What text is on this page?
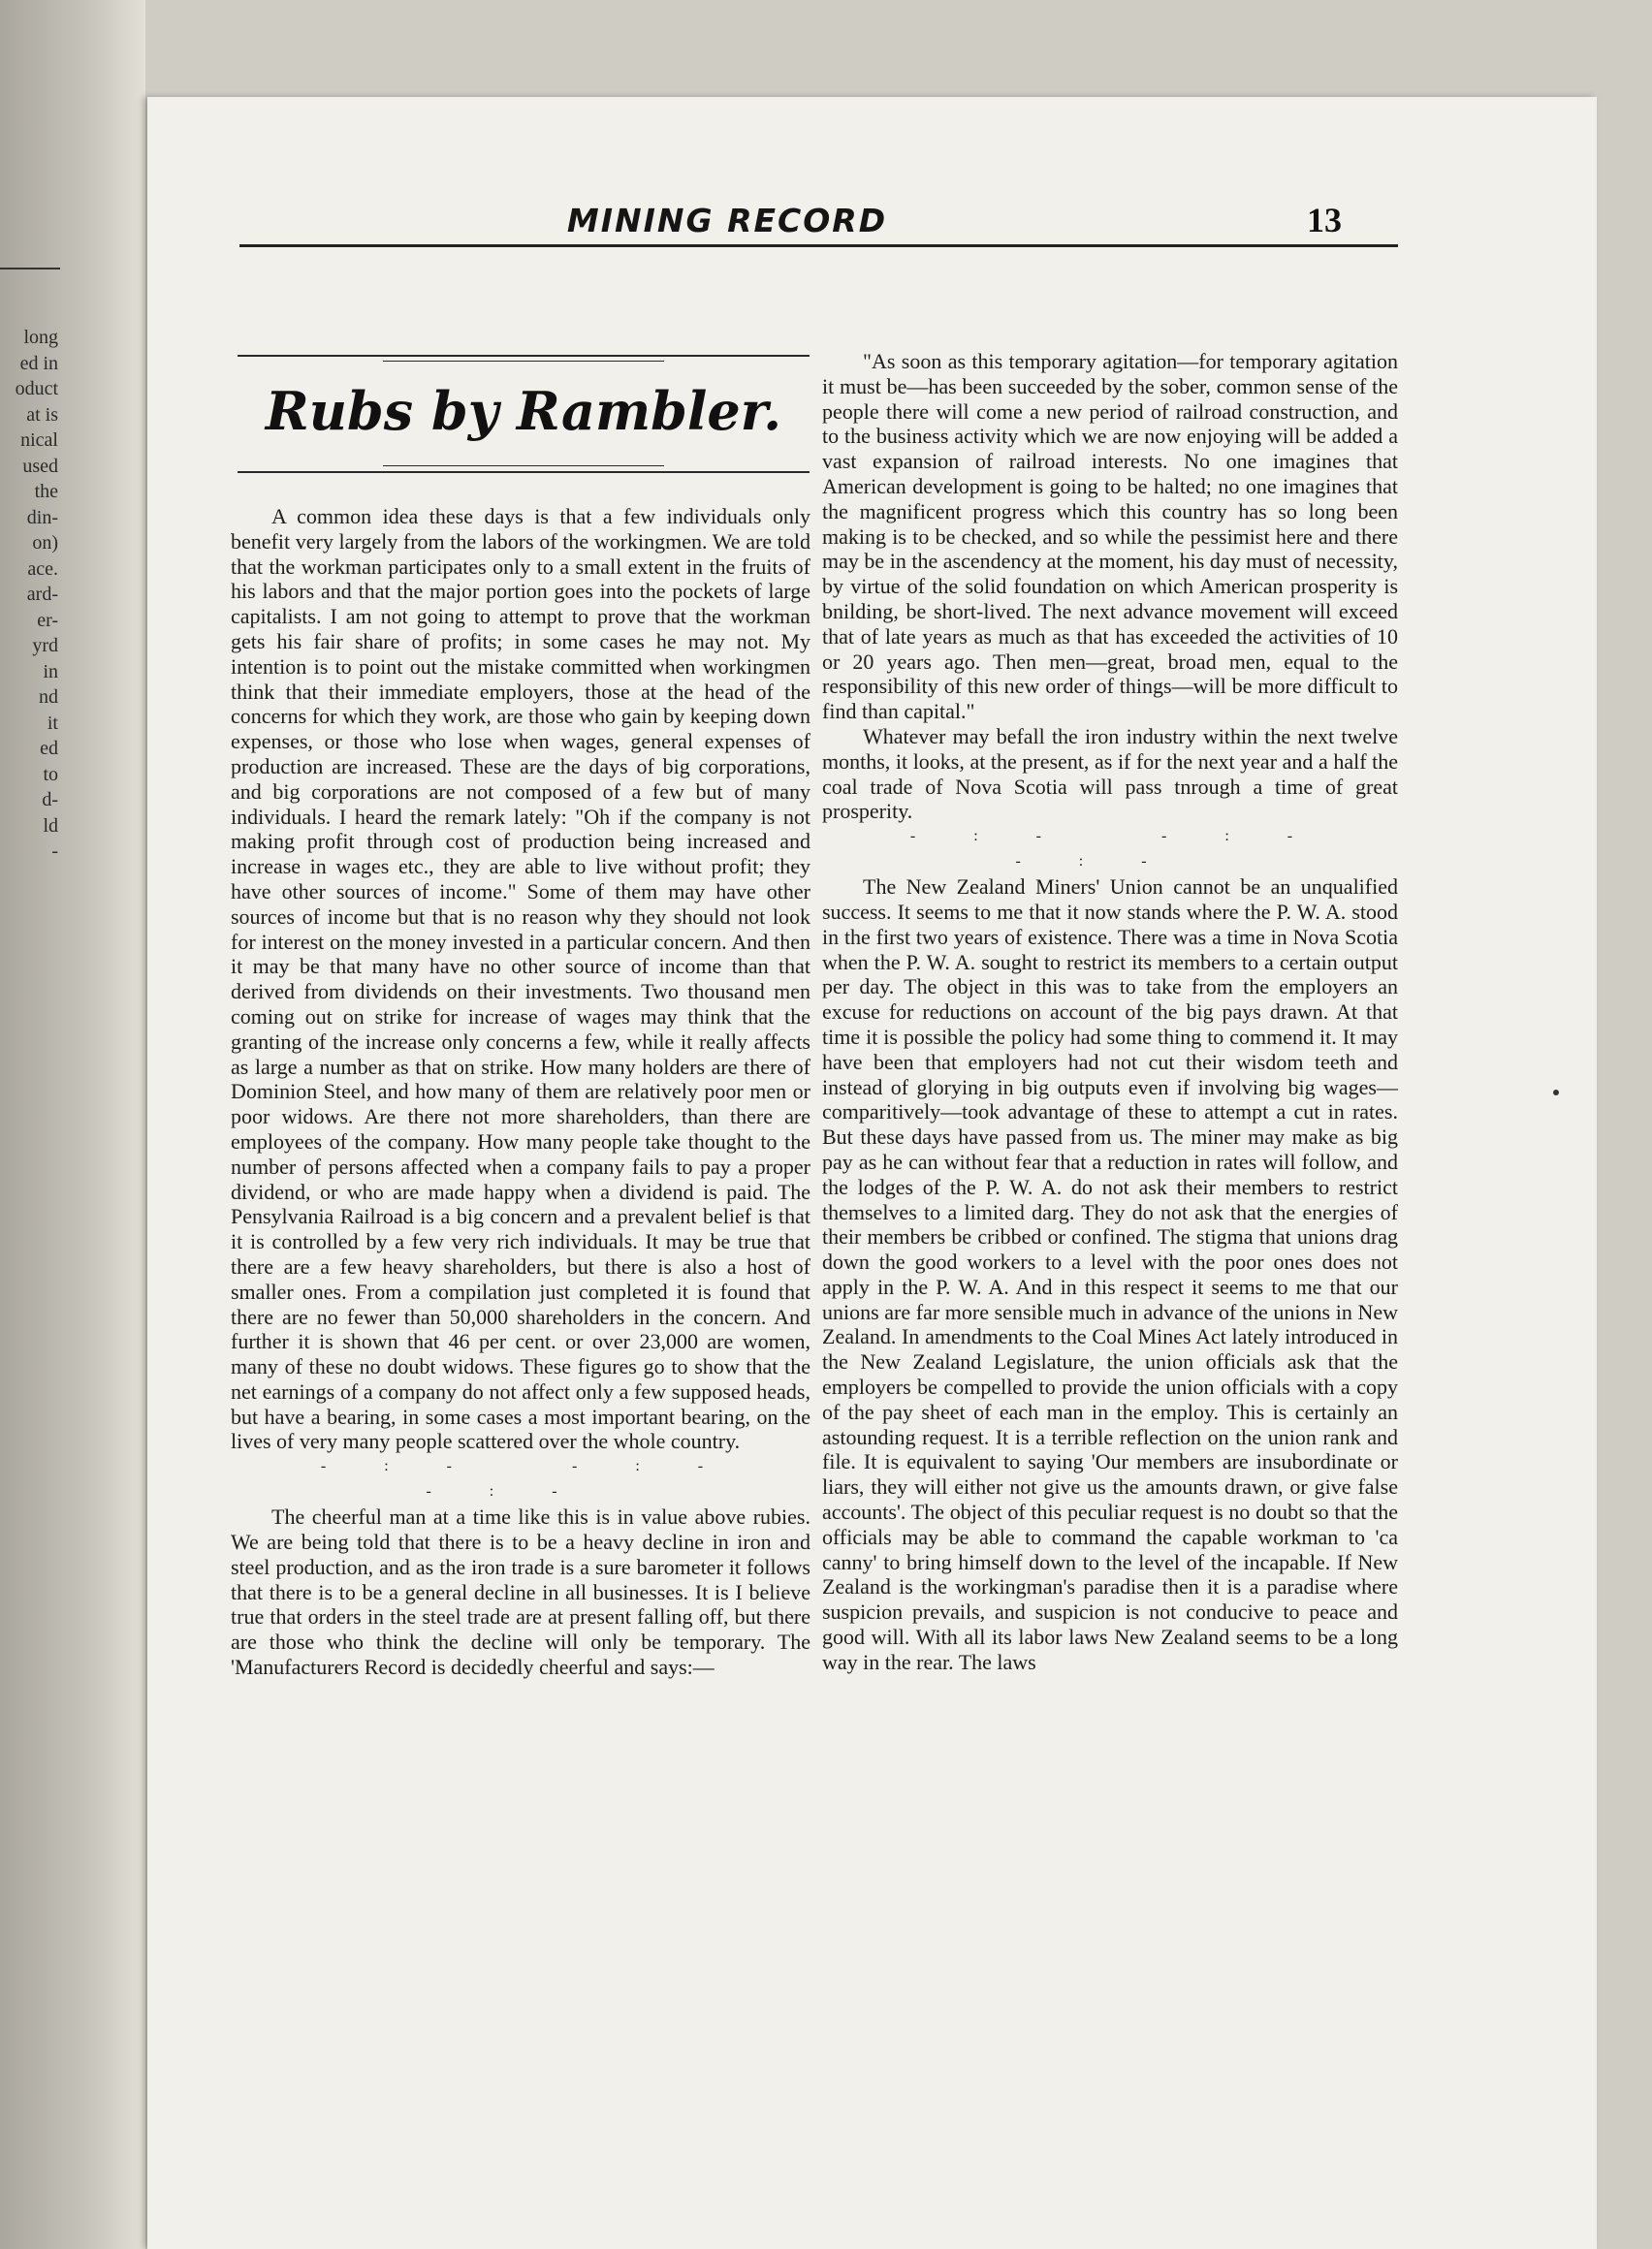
long
ed in
oduct
at is
nical
used
the
din-
on)
ace.
ard-
er-
yrd
in
nd
it
ed
to
d-
ld
-
MINING RECORD	13
Rubs by Rambler.

A common idea these days is that a few individuals only benefit very largely from the labors of the workingmen. We are told that the workman participates only to a small extent in the fruits of his labors and that the major portion goes into the pockets of large capitalists. I am not going to attempt to prove that the workman gets his fair share of profits; in some cases he may not. My intention is to point out the mistake committed when workingmen think that their immediate employers, those at the head of the concerns for which they work, are those who gain by keeping down expenses, or those who lose when wages, general expenses of production are increased. These are the days of big corporations, and big corporations are not composed of a few but of many individuals. I heard the remark lately: "Oh if the company is not making profit through cost of production being increased and increase in wages etc., they are able to live without profit; they have other sources of income." Some of them may have other sources of income but that is no reason why they should not look for interest on the money invested in a particular concern. And then it may be that many have no other source of income than that derived from dividends on their investments. Two thousand men coming out on strike for increase of wages may think that the granting of the increase only concerns a few, while it really affects as large a number as that on strike. How many holders are there of Dominion Steel, and how many of them are relatively poor men or poor widows. Are there not more shareholders, than there are employees of the company. How many people take thought to the number of persons affected when a company fails to pay a proper dividend, or who are made happy when a dividend is paid. The Pensylvania Railroad is a big concern and a prevalent belief is that it is controlled by a few very rich individuals. It may be true that there are a few heavy shareholders, but there is also a host of smaller ones. From a compilation just completed it is found that there are no fewer than 50,000 shareholders in the concern. And further it is shown that 46 per cent. or over 23,000 are women, many of these no doubt widows. These figures go to show that the net earnings of a company do not affect only a few supposed heads, but have a bearing, in some cases a most important bearing, on the lives of very many people scattered over the whole country.

-:- -:- -:-

The cheerful man at a time like this is in value above rubies. We are being told that there is to be a heavy decline in iron and steel production, and as the iron trade is a sure barometer it follows that there is to be a general decline in all businesses. It is I believe true that orders in the steel trade are at present falling off, but there are those who think the decline will only be temporary. The 'Manufacturers Record is decidedly cheerful and says:—

"As soon as this temporary agitation—for temporary agitation it must be—has been succeeded by the sober, common sense of the people there will come a new period of railroad construction, and to the business activity which we are now enjoying will be added a vast expansion of railroad interests. No one imagines that American development is going to be halted; no one imagines that the magnificent progress which this country has so long been making is to be checked, and so while the pessimist here and there may be in the ascendency at the moment, his day must of necessity, by virtue of the solid foundation on which American prosperity is bnilding, be short-lived. The next advance movement will exceed that of late years as much as that has exceeded the activities of 10 or 20 years ago. Then men—great, broad men, equal to the responsibility of this new order of things—will be more difficult to find than capital."

Whatever may befall the iron industry within the next twelve months, it looks, at the present, as if for the next year and a half the coal trade of Nova Scotia will pass tnrough a time of great prosperity.

-:- -:- -:-

The New Zealand Miners' Union cannot be an unqualified success. It seems to me that it now stands where the P. W. A. stood in the first two years of existence. There was a time in Nova Scotia when the P. W. A. sought to restrict its members to a certain output per day. The object in this was to take from the employers an excuse for reductions on account of the big pays drawn. At that time it is possible the policy had some thing to commend it. It may have been that employers had not cut their wisdom teeth and instead of glorying in big outputs even if involving big wages—comparitively—took advantage of these to attempt a cut in rates. But these days have passed from us. The miner may make as big pay as he can without fear that a reduction in rates will follow, and the lodges of the P. W. A. do not ask their members to restrict themselves to a limited darg. They do not ask that the energies of their members be cribbed or confined. The stigma that unions drag down the good workers to a level with the poor ones does not apply in the P. W. A. And in this respect it seems to me that our unions are far more sensible much in advance of the unions in New Zealand. In amendments to the Coal Mines Act lately introduced in the New Zealand Legislature, the union officials ask that the employers be compelled to provide the union officials with a copy of the pay sheet of each man in the employ. This is certainly an astounding request. It is a terrible reflection on the union rank and file. It is equivalent to saying 'Our members are insubordinate or liars, they will either not give us the amounts drawn, or give false accounts'. The object of this peculiar request is no doubt so that the officials may be able to command the capable workman to 'ca canny' to bring himself down to the level of the incapable. If New Zealand is the workingman's paradise then it is a paradise where suspicion prevails, and suspicion is not conducive to peace and good will. With all its labor laws New Zealand seems to be a long way in the rear. The laws
